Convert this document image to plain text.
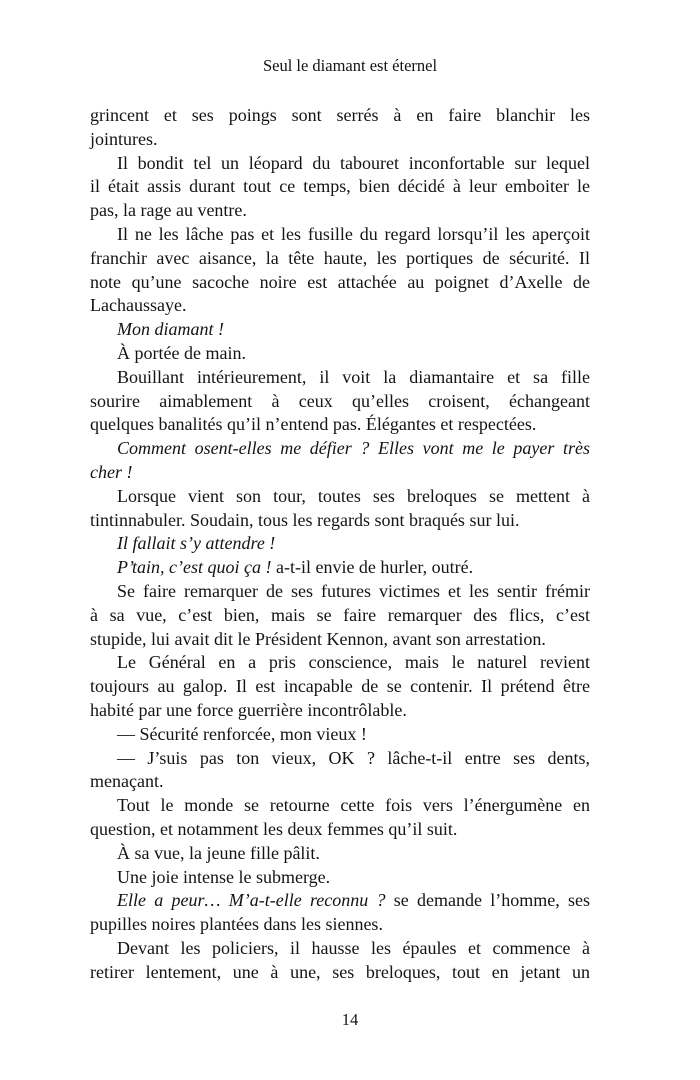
Seul le diamant est éternel
grincent et ses poings sont serrés à en faire blanchir les
jointures.
Il bondit tel un léopard du tabouret inconfortable sur lequel
il était assis durant tout ce temps, bien décidé à leur emboiter le
pas, la rage au ventre.
Il ne les lâche pas et les fusille du regard lorsqu’il les aperçoit
franchir avec aisance, la tête haute, les portiques de sécurité. Il
note qu’une sacoche noire est attachée au poignet d’Axelle de
Lachaussaye.
Mon diamant !
À portée de main.
Bouillant intérieurement, il voit la diamantaire et sa fille
sourire aimablement à ceux qu’elles croisent, échangeant
quelques banalités qu’il n’entend pas. Élégantes et respectées.
Comment osent-elles me défier ? Elles vont me le payer très
cher !
Lorsque vient son tour, toutes ses breloques se mettent à
tintinnabuler. Soudain, tous les regards sont braqués sur lui.
Il fallait s’y attendre !
P’tain, c’est quoi ça ! a-t-il envie de hurler, outré.
Se faire remarquer de ses futures victimes et les sentir frémir
à sa vue, c’est bien, mais se faire remarquer des flics, c’est
stupide, lui avait dit le Président Kennon, avant son arrestation.
Le Général en a pris conscience, mais le naturel revient
toujours au galop. Il est incapable de se contenir. Il prétend être
habité par une force guerrière incontrôlable.
— Sécurité renforcée, mon vieux !
— J’suis pas ton vieux, OK ? lâche-t-il entre ses dents,
menaçant.
Tout le monde se retourne cette fois vers l’énergumène en
question, et notamment les deux femmes qu’il suit.
À sa vue, la jeune fille pâlit.
Une joie intense le submerge.
Elle a peur… M’a-t-elle reconnu ? se demande l’homme, ses
pupilles noires plantées dans les siennes.
Devant les policiers, il hausse les épaules et commence à
retirer lentement, une à une, ses breloques, tout en jetant un
14
